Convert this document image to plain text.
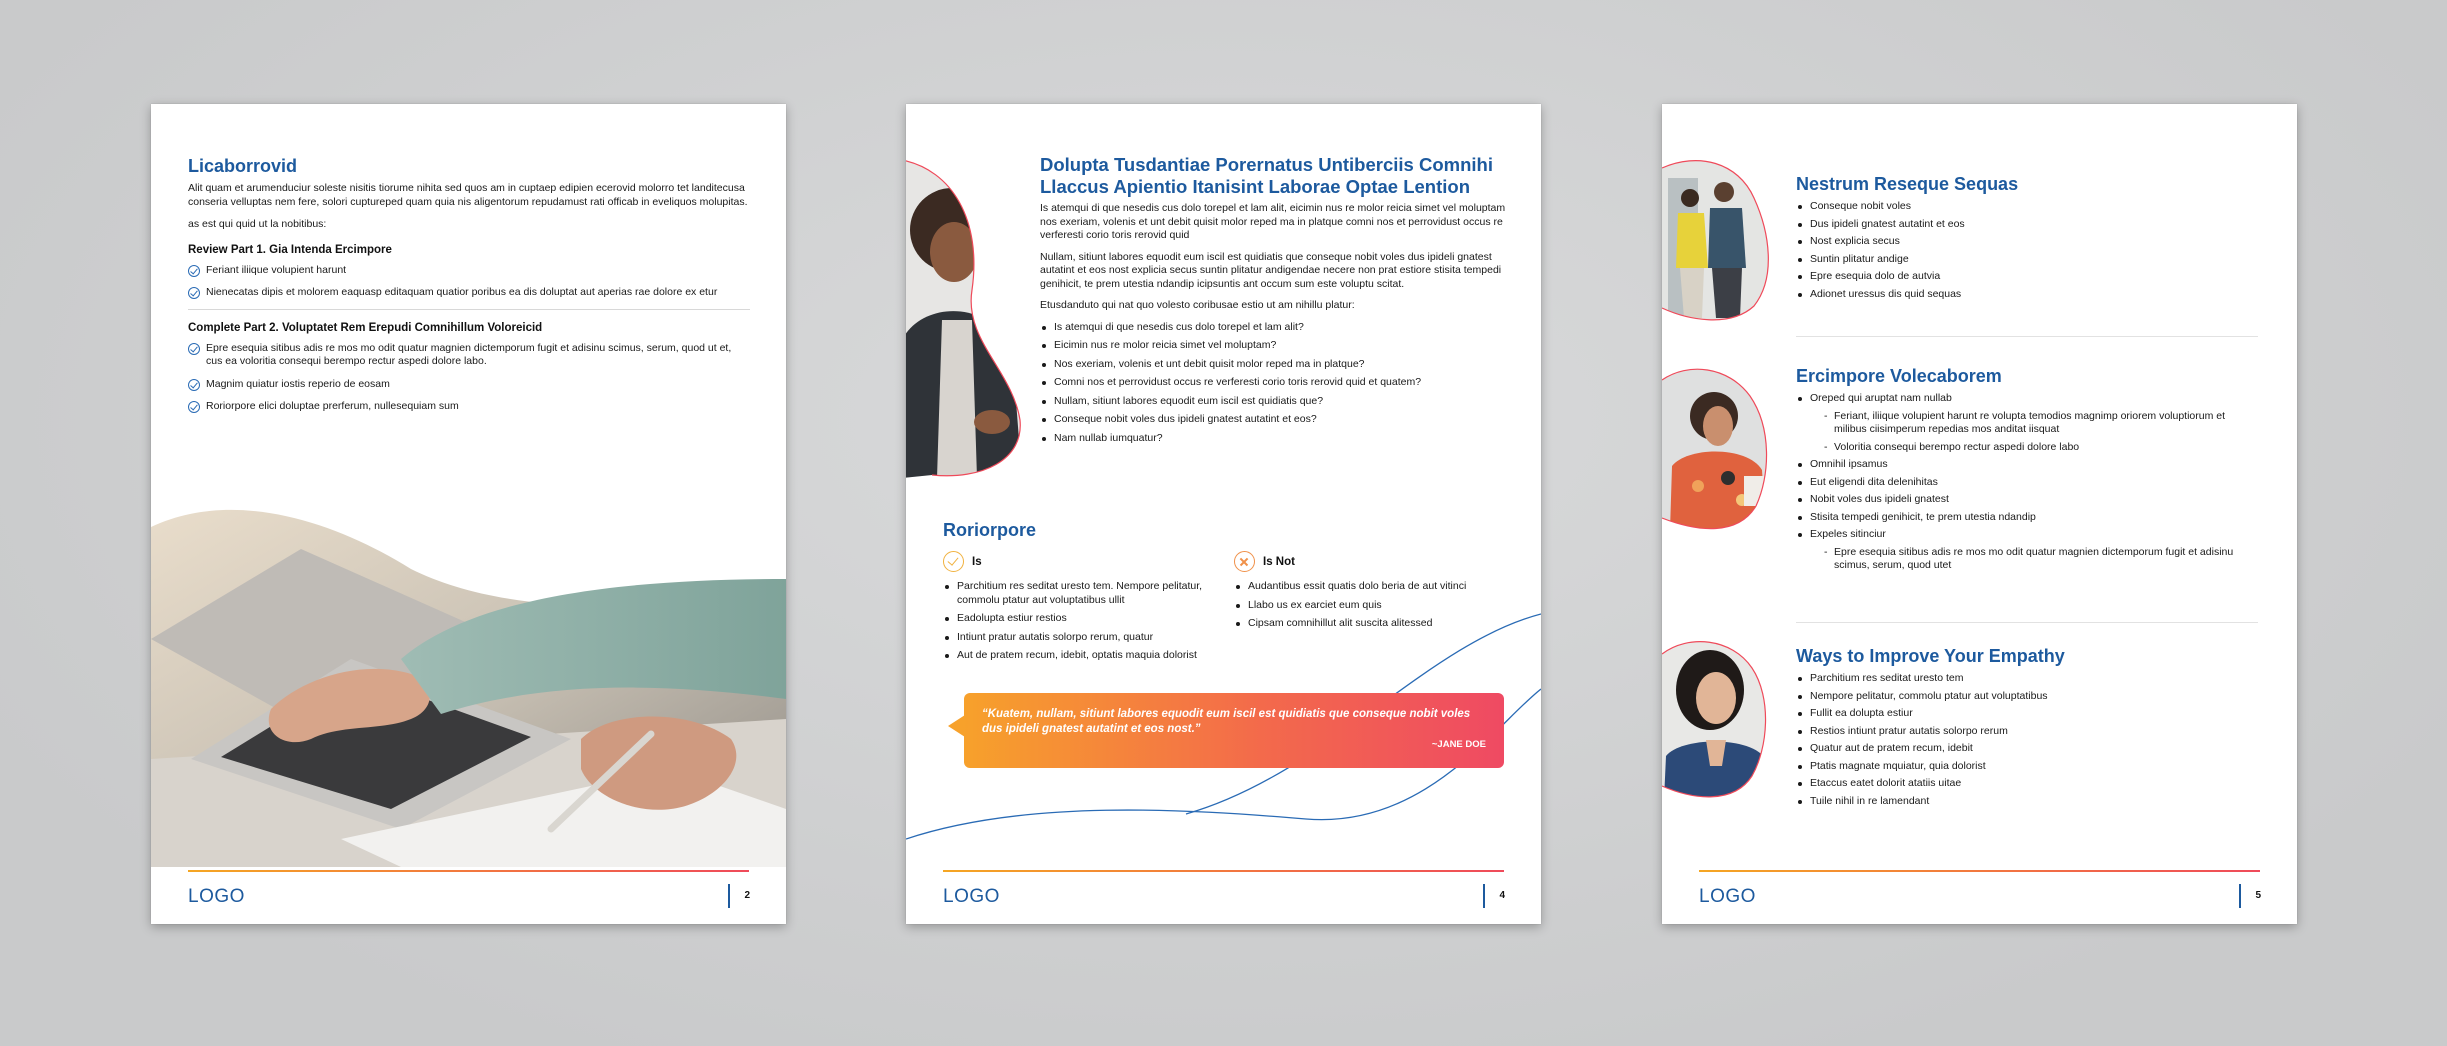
Licaborrovid

Alit quam et arumenduciur soleste nisitis tiorume nihita sed quos am in cuptaep edipien ecerovid molorro tet landitecusa conseria velluptas nem fere, solori cuptureped quam quia nis aligentorum repudamust rati officab in eveliquos molupitas.

as est qui quid ut la nobitibus:

Review Part 1. Gia Intenda Ercimpore
Feriant iliique volupient harunt
Nienecatas dipis et molorem eaquasp editaquam quatior poribus ea dis doluptat aut aperias rae dolore ex etur
Complete Part 2. Voluptatet Rem Erepudi Comnihillum Voloreicid
Epre esequia sitibus adis re mos mo odit quatur magnien dictemporum fugit et adisinu scimus, serum, quod ut et, cus ea voloritia consequi berempo rectur aspedi dolore labo.
Magnim quiatur iostis reperio de eosam
Roriorpore elici doluptae prerferum, nullesequiam sum
LOGO	2
Dolupta Tusdantiae Porernatus Untiberciis Comnihi Llaccus Apientio Itanisint Laborae Optae Lention

Is atemqui di que nesedis cus dolo torepel et lam alit, eicimin nus re molor reicia simet vel moluptam nos exeriam, volenis et unt debit quisit molor reped ma in platque comni nos et perrovidust occus re verferesti corio toris rerovid quid

Nullam, sitiunt labores equodit eum iscil est quidiatis que conseque nobit voles dus ipideli gnatest autatint et eos nost explicia secus suntin plitatur andigendae necere non prat estiore stisita tempedi genihicit, te prem utestia ndandip icipsuntis ant occum sum este voluptu scitat.

Etusdanduto qui nat quo volesto coribusae estio ut am nihillu platur:

Is atemqui di que nesedis cus dolo torepel et lam alit?
Eicimin nus re molor reicia simet vel moluptam?
Nos exeriam, volenis et unt debit quisit molor reped ma in platque?
Comni nos et perrovidust occus re verferesti corio toris rerovid quid et quatem?
Nullam, sitiunt labores equodit eum iscil est quidiatis que?
Conseque nobit voles dus ipideli gnatest autatint et eos?
Nam nullab iumquatur?
Roriorpore
Is
Parchitium res seditat uresto tem. Nempore pelitatur, commolu ptatur aut voluptatibus ullit
Eadolupta estiur restios
Intiunt pratur autatis solorpo rerum, quatur
Aut de pratem recum, idebit, optatis maquia dolorist
Is Not
Audantibus essit quatis dolo beria de aut vitinci
Llabo us ex earciet eum quis
Cipsam comnihillut alit suscita alitessed
“Kuatem, nullam, sitiunt labores equodit eum iscil est quidiatis que conseque nobit voles dus ipideli gnatest autatint et eos nost.”
~JANE DOE
LOGO	4
Nestrum Reseque Sequas
Conseque nobit voles
Dus ipideli gnatest autatint et eos
Nost explicia secus
Suntin plitatur andige
Epre esequia dolo de autvia
Adionet uressus dis quid sequas
Ercimpore Volecaborem
Oreped qui aruptat nam nullab
- Feriant, iliique volupient harunt re volupta temodios magnimp oriorem voluptiorum et milibus ciisimperum repedias mos anditat iisquat
- Voloritia consequi berempo rectur aspedi dolore labo
Omnihil ipsamus
Eut eligendi dita delenihitas
Nobit voles dus ipideli gnatest
Stisita tempedi genihicit, te prem utestia ndandip
Expeles sitinciur
- Epre esequia sitibus adis re mos mo odit quatur magnien dictemporum fugit et adisinu scimus, serum, quod utet
Ways to Improve Your Empathy
Parchitium res seditat uresto tem
Nempore pelitatur, commolu ptatur aut voluptatibus
Fullit ea dolupta estiur
Restios intiunt pratur autatis solorpo rerum
Quatur aut de pratem recum, idebit
Ptatis magnate mquiatur, quia dolorist
Etaccus eatet dolorit atatiis uitae
Tuile nihil in re lamendant
LOGO	5
